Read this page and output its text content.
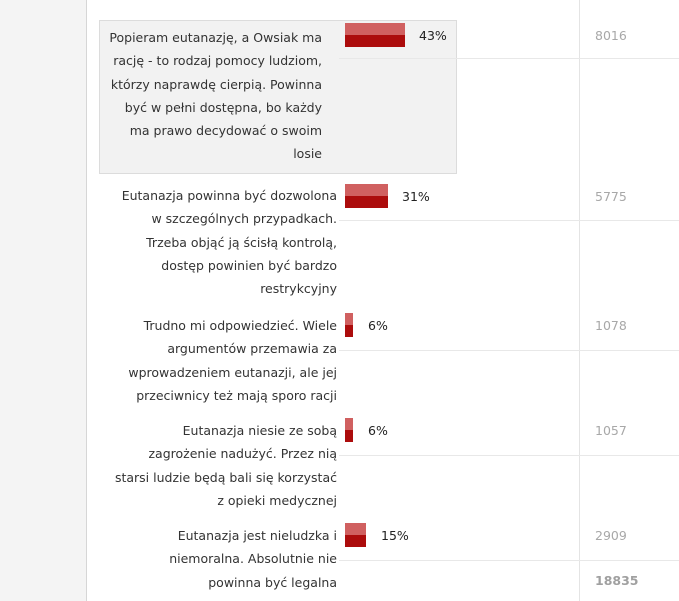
Popieram eutanazję, a Owsiak ma
rację - to rodzaj pomocy ludziom,
którzy naprawdę cierpią. Powinna
być w pełni dostępna, bo każdy
ma prawo decydować o swoim
losie
43%	8016
Eutanazja powinna być dozwolona
w szczególnych przypadkach.
Trzeba objąć ją ścisłą kontrolą,
dostęp powinien być bardzo
restrykcyjny
31%	5775
Trudno mi odpowiedzieć. Wiele
argumentów przemawia za
wprowadzeniem eutanazji, ale jej
przeciwnicy też mają sporo racji
6%	1078
Eutanazja niesie ze sobą
zagrożenie nadużyć. Przez nią
starsi ludzie będą bali się korzystać
z opieki medycznej
6%	1057
Eutanazja jest nieludzka i
niemoralna. Absolutnie nie
powinna być legalna
15%	2909
18835
